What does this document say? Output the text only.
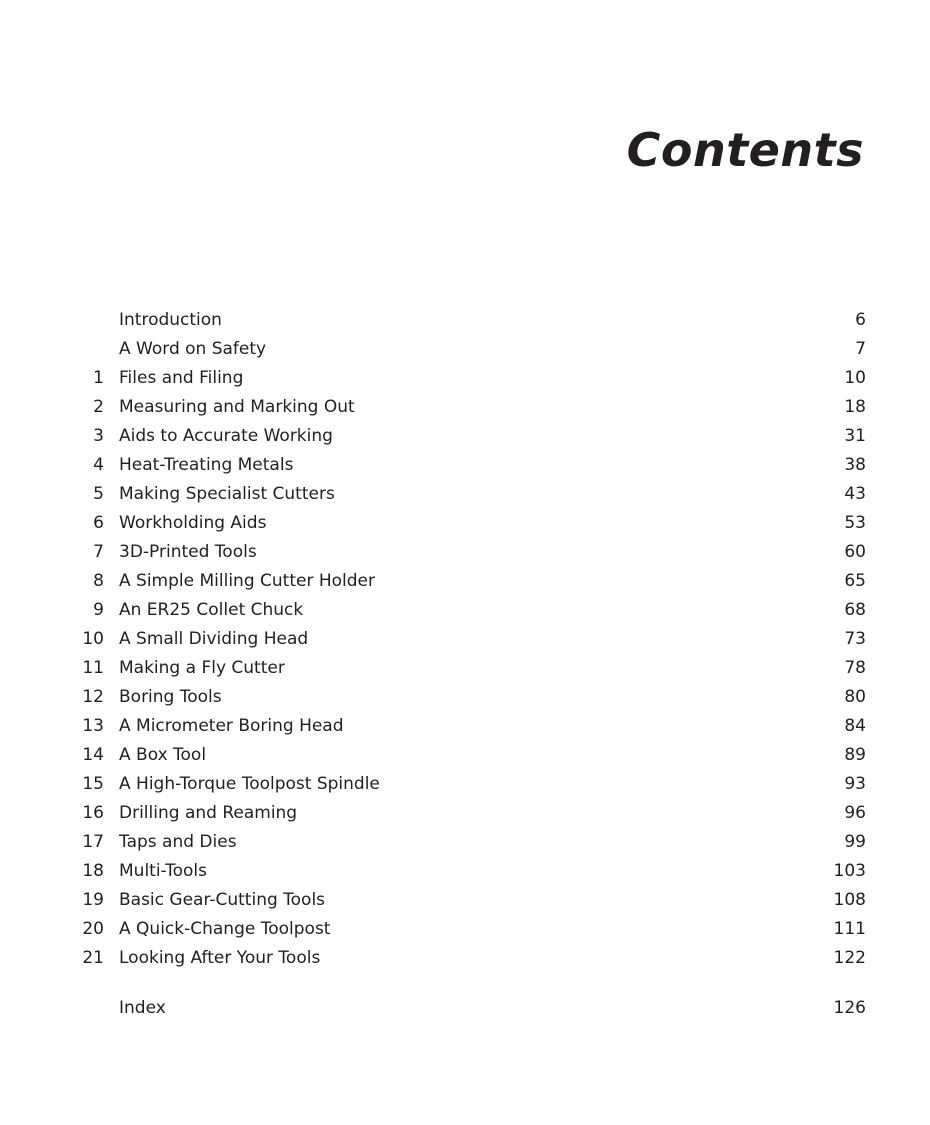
Contents
Introduction	6
A Word on Safety	7
1 Files and Filing	10
2 Measuring and Marking Out	18
3 Aids to Accurate Working	31
4 Heat-Treating Metals	38
5 Making Specialist Cutters	43
6 Workholding Aids	53
7 3D-Printed Tools	60
8 A Simple Milling Cutter Holder	65
9 An ER25 Collet Chuck	68
10 A Small Dividing Head	73
11 Making a Fly Cutter	78
12 Boring Tools	80
13 A Micrometer Boring Head	84
14 A Box Tool	89
15 A High-Torque Toolpost Spindle	93
16 Drilling and Reaming	96
17 Taps and Dies	99
18 Multi-Tools	103
19 Basic Gear-Cutting Tools	108
20 A Quick-Change Toolpost	111
21 Looking After Your Tools	122
Index	126
